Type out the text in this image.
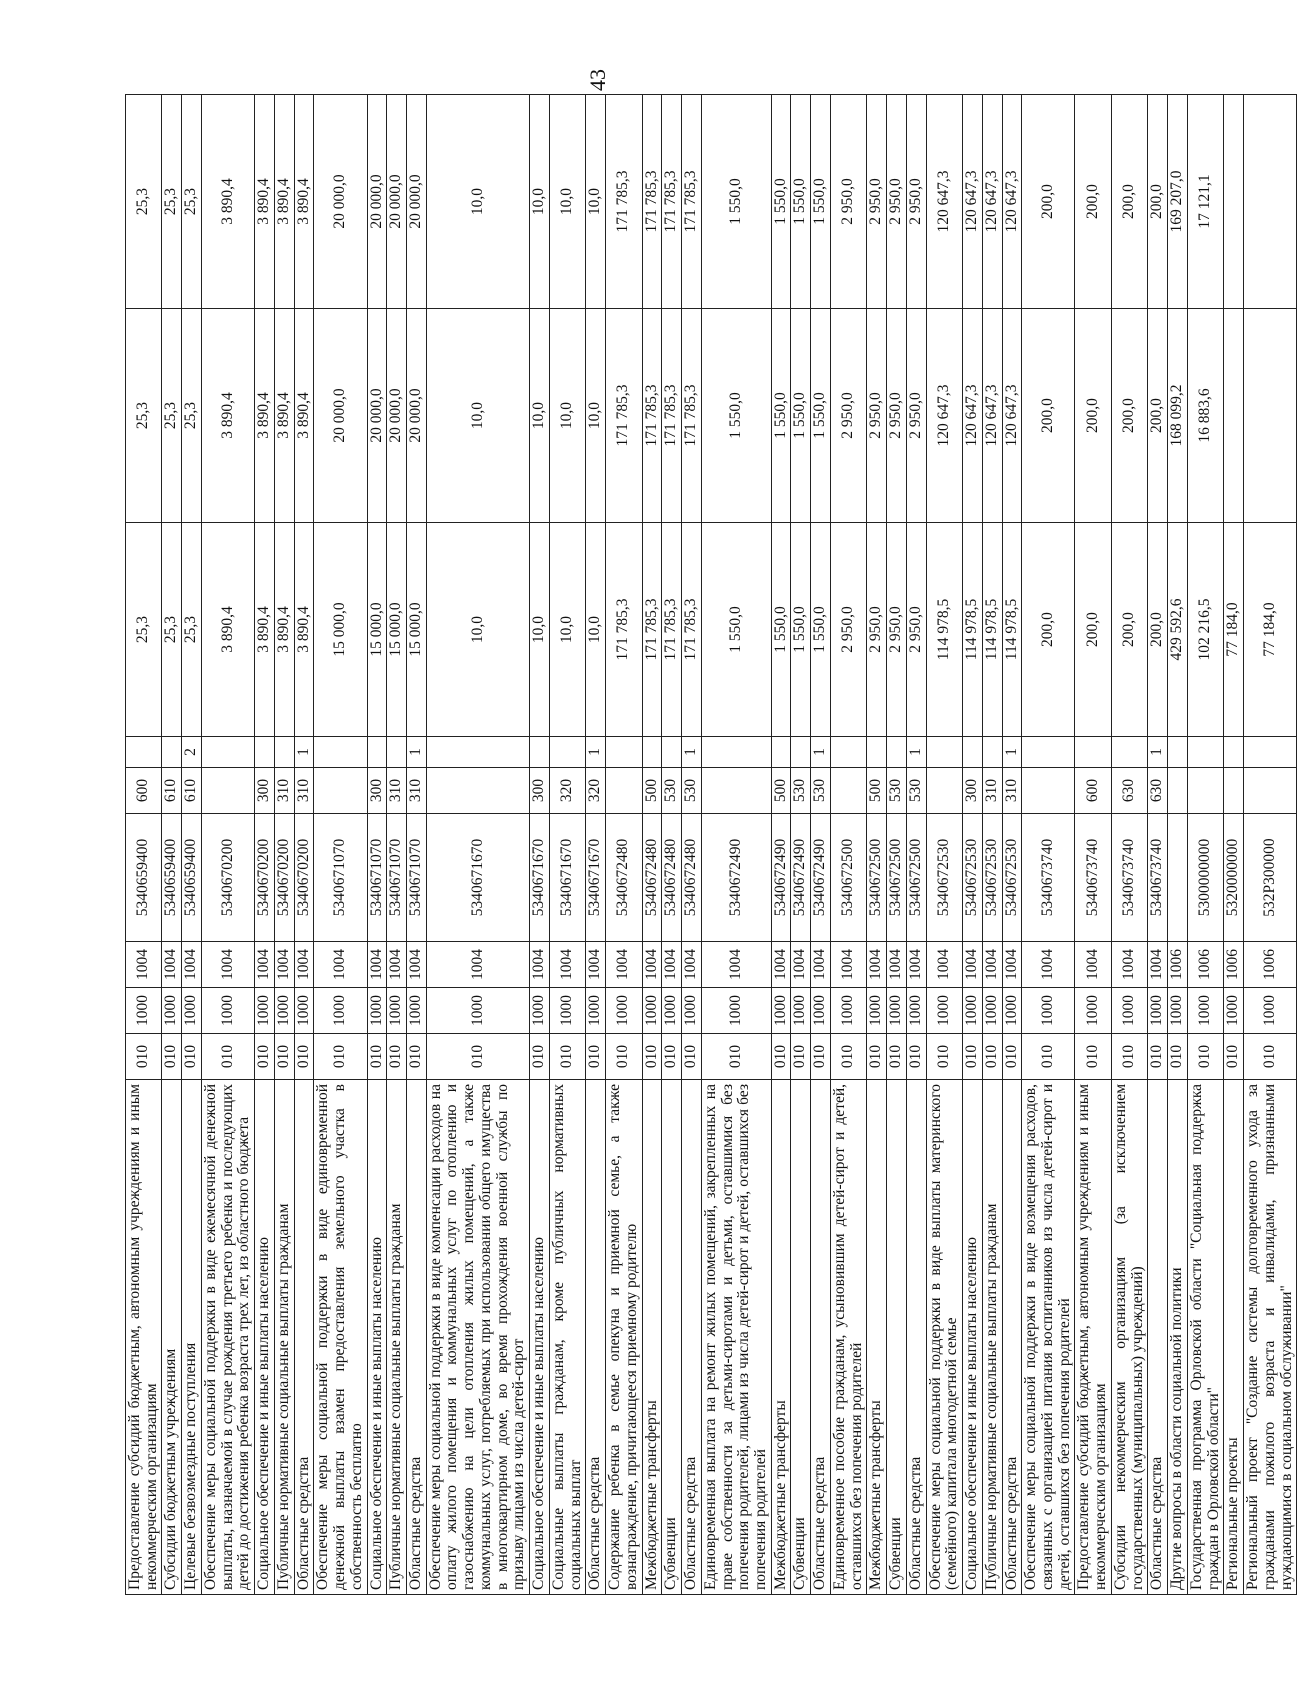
43
Предоставление субсидий бюджетным, автономным учреждениям и иным некоммерческим организациям	010	1000	1004	5340659400	600		25,3	25,3	25,3
Субсидии бюджетным учреждениям	010	1000	1004	5340659400	610		25,3	25,3	25,3
Целевые безвозмездные поступления	010	1000	1004	5340659400	610	2	25,3	25,3	25,3
Обеспечение меры социальной поддержки в виде ежемесячной денежной выплаты, назначаемой в случае рождения третьего ребенка и последующих детей до достижения ребенка возраста трех лет, из областного бюджета	010	1000	1004	5340670200			3 890,4	3 890,4	3 890,4
Социальное обеспечение и иные выплаты населению	010	1000	1004	5340670200	300		3 890,4	3 890,4	3 890,4
Публичные нормативные социальные выплаты гражданам	010	1000	1004	5340670200	310		3 890,4	3 890,4	3 890,4
Областные средства	010	1000	1004	5340670200	310	1	3 890,4	3 890,4	3 890,4
Обеспечение меры социальной поддержки в виде единовременной денежной выплаты взамен предоставления земельного участка в собственность бесплатно	010	1000	1004	5340671070			15 000,0	20 000,0	20 000,0
Социальное обеспечение и иные выплаты населению	010	1000	1004	5340671070	300		15 000,0	20 000,0	20 000,0
Публичные нормативные социальные выплаты гражданам	010	1000	1004	5340671070	310		15 000,0	20 000,0	20 000,0
Областные средства	010	1000	1004	5340671070	310	1	15 000,0	20 000,0	20 000,0
Обеспечение меры социальной поддержки в виде компенсации расходов на оплату жилого помещения и коммунальных услуг по отоплению и газоснабжению на цели отопления жилых помещений, а также коммунальных услуг, потребляемых при использовании общего имущества в многоквартирном доме, во время прохождения военной службы по призыву лицами из числа детей-сирот	010	1000	1004	5340671670			10,0	10,0	10,0
Социальное обеспечение и иные выплаты населению	010	1000	1004	5340671670	300		10,0	10,0	10,0
Социальные выплаты гражданам, кроме публичных нормативных социальных выплат	010	1000	1004	5340671670	320		10,0	10,0	10,0
Областные средства	010	1000	1004	5340671670	320	1	10,0	10,0	10,0
Содержание ребенка в семье опекуна и приемной семье, а также вознаграждение, причитающееся приемному родителю	010	1000	1004	5340672480			171 785,3	171 785,3	171 785,3
Межбюджетные трансферты	010	1000	1004	5340672480	500		171 785,3	171 785,3	171 785,3
Субвенции	010	1000	1004	5340672480	530		171 785,3	171 785,3	171 785,3
Областные средства	010	1000	1004	5340672480	530	1	171 785,3	171 785,3	171 785,3
Единовременная выплата на ремонт жилых помещений, закрепленных на праве собственности за детьми-сиротами и детьми, оставшимися без попечения родителей, лицами из числа детей-сирот и детей, оставшихся без попечения родителей	010	1000	1004	5340672490			1 550,0	1 550,0	1 550,0
Межбюджетные трансферты	010	1000	1004	5340672490	500		1 550,0	1 550,0	1 550,0
Субвенции	010	1000	1004	5340672490	530		1 550,0	1 550,0	1 550,0
Областные средства	010	1000	1004	5340672490	530	1	1 550,0	1 550,0	1 550,0
Единовременное пособие гражданам, усыновившим детей-сирот и детей, оставшихся без попечения родителей	010	1000	1004	5340672500			2 950,0	2 950,0	2 950,0
Межбюджетные трансферты	010	1000	1004	5340672500	500		2 950,0	2 950,0	2 950,0
Субвенции	010	1000	1004	5340672500	530		2 950,0	2 950,0	2 950,0
Областные средства	010	1000	1004	5340672500	530	1	2 950,0	2 950,0	2 950,0
Обеспечение меры социальной поддержки в виде выплаты материнского (семейного) капитала многодетной семье	010	1000	1004	5340672530			114 978,5	120 647,3	120 647,3
Социальное обеспечение и иные выплаты населению	010	1000	1004	5340672530	300		114 978,5	120 647,3	120 647,3
Публичные нормативные социальные выплаты гражданам	010	1000	1004	5340672530	310		114 978,5	120 647,3	120 647,3
Областные средства	010	1000	1004	5340672530	310	1	114 978,5	120 647,3	120 647,3
Обеспечение меры социальной поддержки в виде возмещения расходов, связанных с организацией питания воспитанников из числа детей-сирот и детей, оставшихся без попечения родителей	010	1000	1004	5340673740			200,0	200,0	200,0
Предоставление субсидий бюджетным, автономным учреждениям и иным некоммерческим организациям	010	1000	1004	5340673740	600		200,0	200,0	200,0
Субсидии некоммерческим организациям (за исключением государственных (муниципальных) учреждений)	010	1000	1004	5340673740	630		200,0	200,0	200,0
Областные средства	010	1000	1004	5340673740	630	1	200,0	200,0	200,0
Другие вопросы в области социальной политики	010	1000	1006				429 592,6	168 099,2	169 207,0
Государственная программа Орловской области "Социальная поддержка граждан в Орловской области"	010	1000	1006	5300000000			102 216,5	16 883,6	17 121,1
Региональные проекты	010	1000	1006	5320000000			77 184,0		
Региональный проект "Создание системы долговременного ухода за гражданами пожилого возраста и инвалидами, признанными нуждающимися в социальном обслуживании"	010	1000	1006	532P300000			77 184,0		
